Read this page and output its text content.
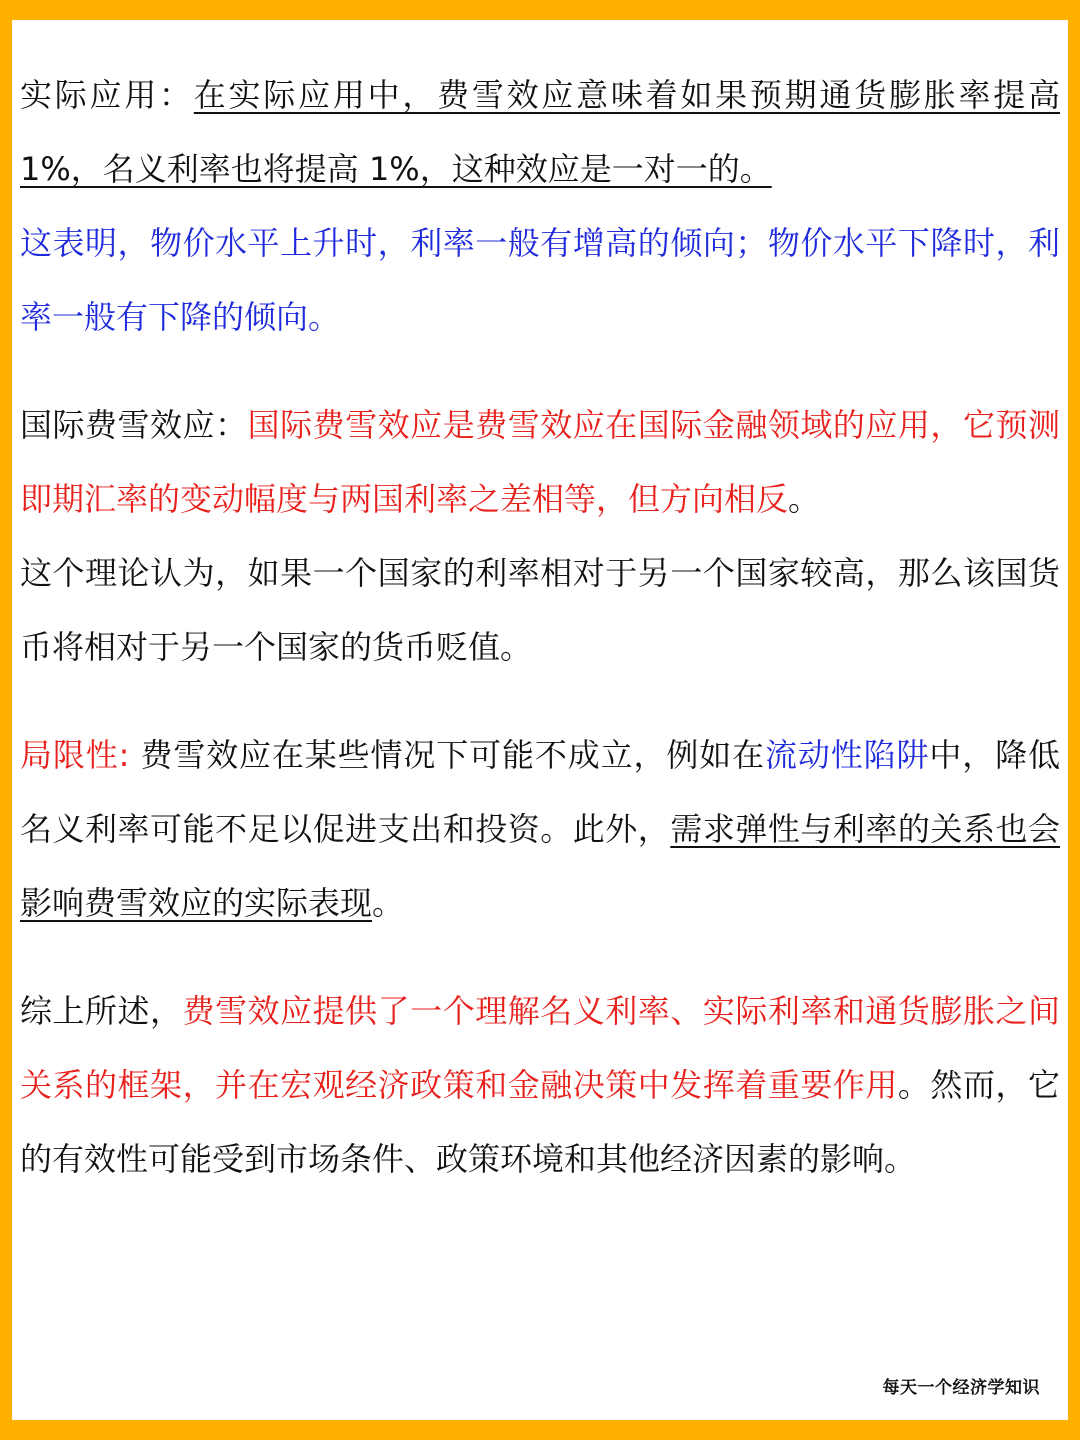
实际应用：在实际应用中，费雪效应意味着如果预期通货膨胀率提高 1%，名义利率也将提高 1%，这种效应是一对一的。

这表明，物价水平上升时，利率一般有增高的倾向；物价水平下降时，利率一般有下降的倾向。

国际费雪效应：国际费雪效应是费雪效应在国际金融领域的应用，它预测即期汇率的变动幅度与两国利率之差相等，但方向相反。

这个理论认为，如果一个国家的利率相对于另一个国家较高，那么该国货币将相对于另一个国家的货币贬值。

局限性: 费雪效应在某些情况下可能不成立，例如在流动性陷阱中，降低名义利率可能不足以促进支出和投资。此外，需求弹性与利率的关系也会影响费雪效应的实际表现。

综上所述，费雪效应提供了一个理解名义利率、实际利率和通货膨胀之间关系的框架，并在宏观经济政策和金融决策中发挥着重要作用。然而，它的有效性可能受到市场条件、政策环境和其他经济因素的影响。

每天一个经济学知识
